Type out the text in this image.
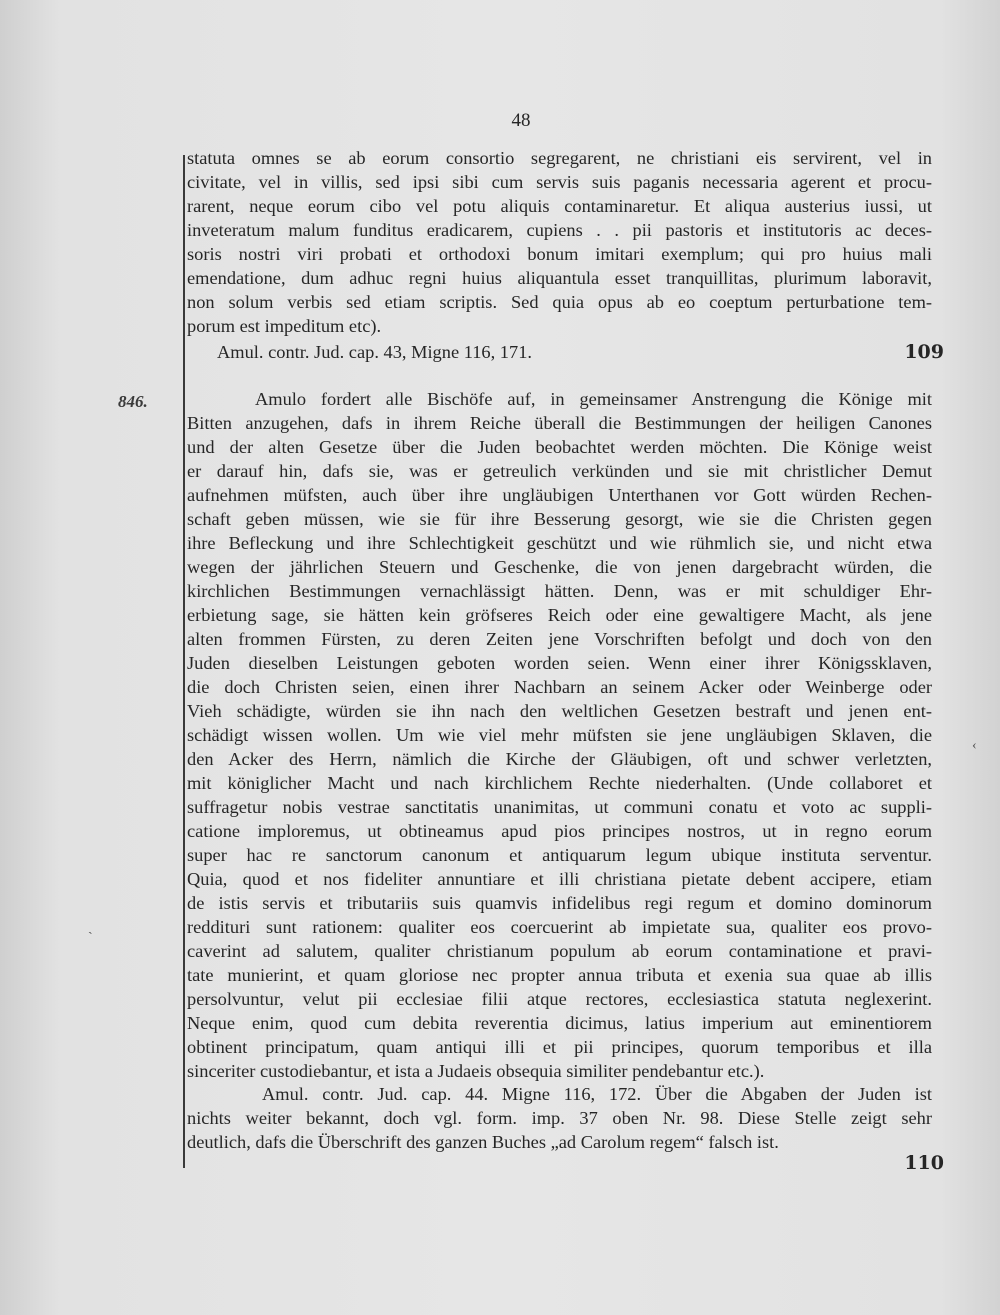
48
846.
statuta omnes se ab eorum consortio segregarent, ne christiani eis servirent, vel in
civitate, vel in villis, sed ipsi sibi cum servis suis paganis necessaria agerent et procu-
rarent, neque eorum cibo vel potu aliquis contaminaretur. Et aliqua austerius iussi, ut
inveteratum malum funditus eradicarem, cupiens . . pii pastoris et institutoris ac deces-
soris nostri viri probati et orthodoxi bonum imitari exemplum; qui pro huius mali
emendatione, dum adhuc regni huius aliquantula esset tranquillitas, plurimum laboravit,
non solum verbis sed etiam scriptis. Sed quia opus ab eo coeptum perturbatione tem-
porum est impeditum etc).
Amul. contr. Jud. cap. 43, Migne 116, 171.	109
Amulo fordert alle Bischöfe auf, in gemeinsamer Anstrengung die Könige mit
Bitten anzugehen, dafs in ihrem Reiche überall die Bestimmungen der heiligen Canones
und der alten Gesetze über die Juden beobachtet werden möchten. Die Könige weist
er darauf hin, dafs sie, was er getreulich verkünden und sie mit christlicher Demut
aufnehmen müfsten, auch über ihre ungläubigen Unterthanen vor Gott würden Rechen-
schaft geben müssen, wie sie für ihre Besserung gesorgt, wie sie die Christen gegen
ihre Befleckung und ihre Schlechtigkeit geschützt und wie rühmlich sie, und nicht etwa
wegen der jährlichen Steuern und Geschenke, die von jenen dargebracht würden, die
kirchlichen Bestimmungen vernachlässigt hätten. Denn, was er mit schuldiger Ehr-
erbietung sage, sie hätten kein gröfseres Reich oder eine gewaltigere Macht, als jene
alten frommen Fürsten, zu deren Zeiten jene Vorschriften befolgt und doch von den
Juden dieselben Leistungen geboten worden seien. Wenn einer ihrer Königssklaven,
die doch Christen seien, einen ihrer Nachbarn an seinem Acker oder Weinberge oder
Vieh schädigte, würden sie ihn nach den weltlichen Gesetzen bestraft und jenen ent-
schädigt wissen wollen. Um wie viel mehr müfsten sie jene ungläubigen Sklaven, die
den Acker des Herrn, nämlich die Kirche der Gläubigen, oft und schwer verletzten,
mit königlicher Macht und nach kirchlichem Rechte niederhalten. (Unde collaboret et
suffragetur nobis vestrae sanctitatis unanimitas, ut communi conatu et voto ac suppli-
catione imploremus, ut obtineamus apud pios principes nostros, ut in regno eorum
super hac re sanctorum canonum et antiquarum legum ubique instituta serventur.
Quia, quod et nos fideliter annuntiare et illi christiana pietate debent accipere, etiam
de istis servis et tributariis suis quamvis infidelibus regi regum et domino dominorum
reddituri sunt rationem: qualiter eos coercuerint ab impietate sua, qualiter eos provo-
caverint ad salutem, qualiter christianum populum ab eorum contaminatione et pravi-
tate munierint, et quam gloriose nec propter annua tributa et exenia sua quae ab illis
persolvuntur, velut pii ecclesiae filii atque rectores, ecclesiastica statuta neglexerint.
Neque enim, quod cum debita reverentia dicimus, latius imperium aut eminentiorem
obtinent principatum, quam antiqui illi et pii principes, quorum temporibus et illa
sinceriter custodiebantur, et ista a Judaeis obsequia similiter pendebantur etc.).
Amul. contr. Jud. cap. 44. Migne 116, 172. Über die Abgaben der Juden ist
nichts weiter bekannt, doch vgl. form. imp. 37 oben Nr. 98. Diese Stelle zeigt sehr
deutlich, dafs die Überschrift des ganzen Buches „ad Carolum regem“ falsch ist.
110
ˏ
‹
